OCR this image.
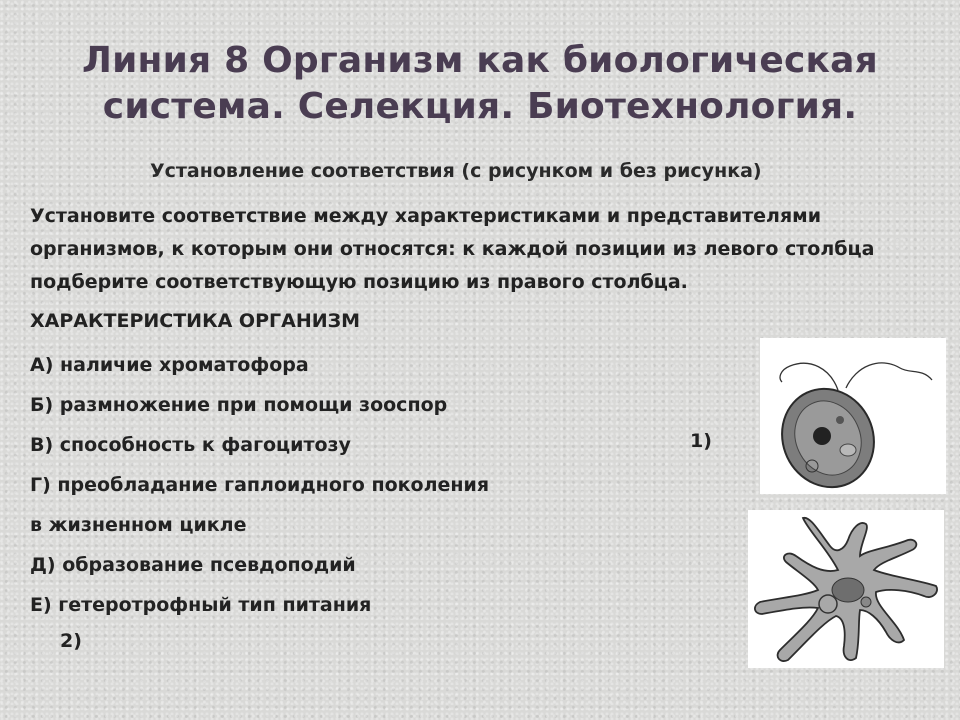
Линия 8 Организм как биологическая система. Селекция. Биотехнология.
Установление соответствия (с рисунком и без рисунка)

Установите соответствие между характеристиками и представителями организмов, к которым они относятся: к каждой позиции из левого столбца подберите соответствующую позицию из правого столбца.

ХАРАКТЕРИСТИКА ОРГАНИЗМ
А) наличие хроматофора
Б) размножение при помощи зооспор
В) способность к фагоцитозу
Г) преобладание гаплоидного поколения
в жизненном цикле
Д) образование псевдоподий
Е) гетеротрофный тип питания
1)
2)
